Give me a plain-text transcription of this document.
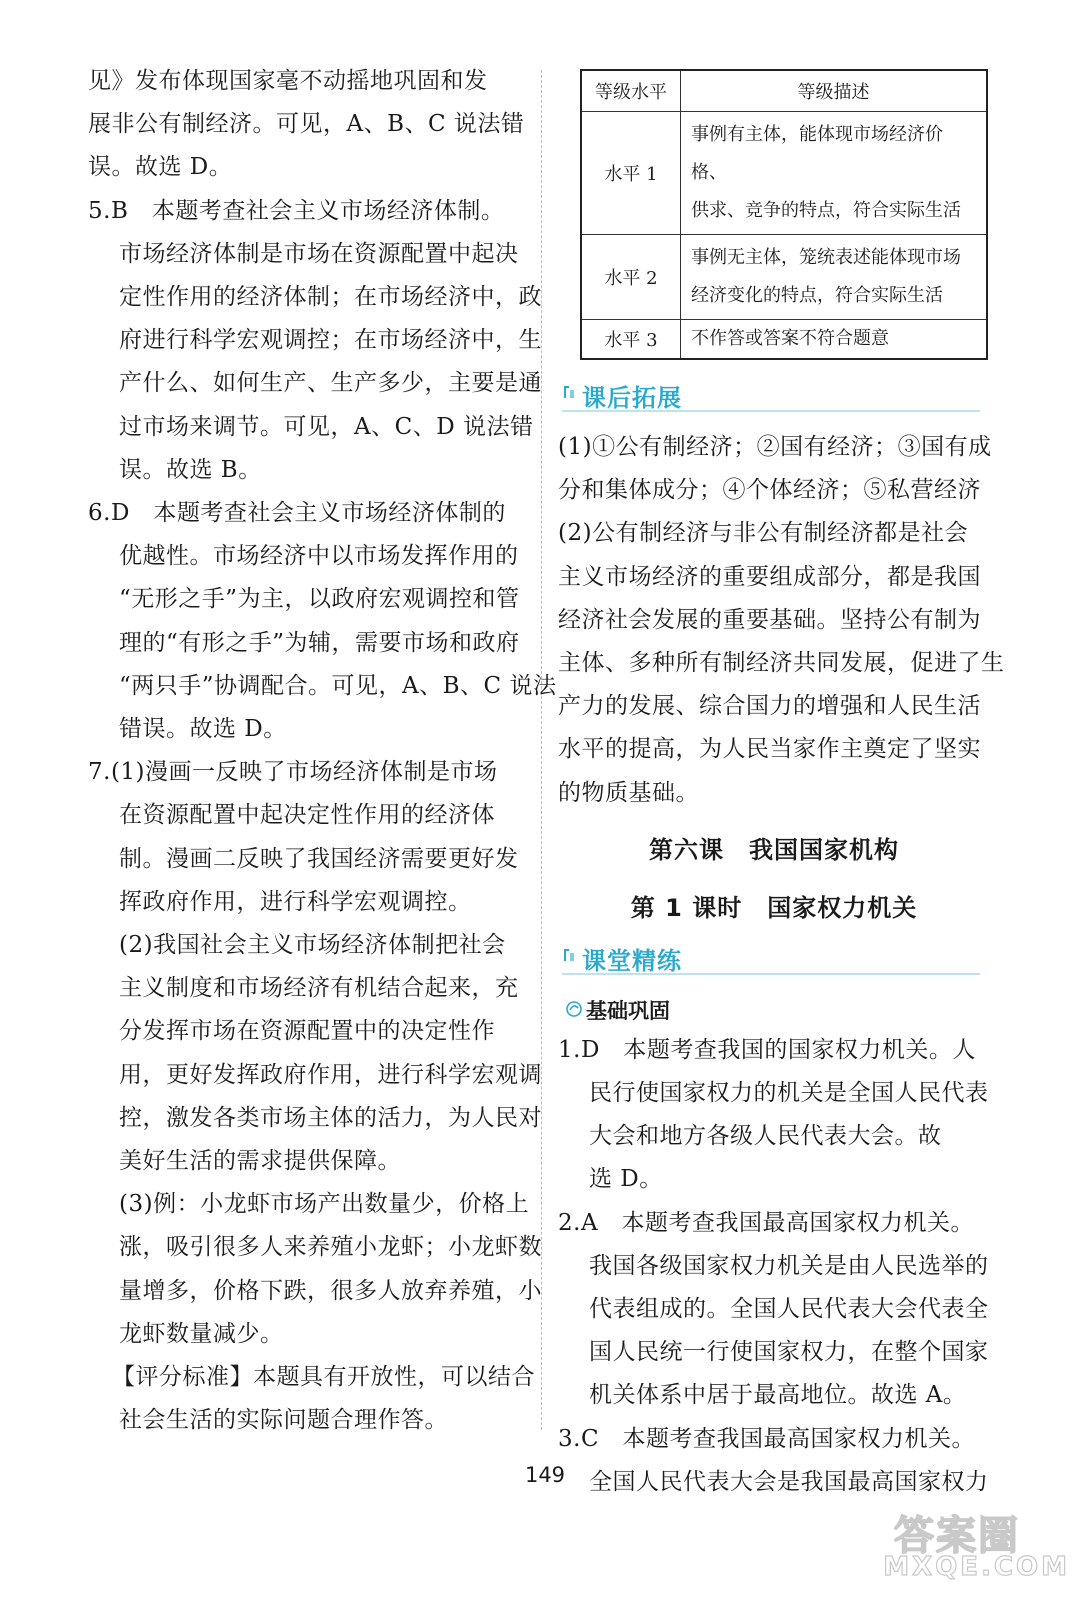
见》发布体现国家毫不动摇地巩固和发
展非公有制经济。可见，A、B、C 说法错
误。故选 D。
5.B　本题考查社会主义市场经济体制。
市场经济体制是市场在资源配置中起决
定性作用的经济体制；在市场经济中，政
府进行科学宏观调控；在市场经济中，生
产什么、如何生产、生产多少，主要是通
过市场来调节。可见，A、C、D 说法错
误。故选 B。
6.D　本题考查社会主义市场经济体制的
优越性。市场经济中以市场发挥作用的
“无形之手”为主，以政府宏观调控和管
理的“有形之手”为辅，需要市场和政府
“两只手”协调配合。可见，A、B、C 说法
错误。故选 D。
7.(1)漫画一反映了市场经济体制是市场
在资源配置中起决定性作用的经济体
制。漫画二反映了我国经济需要更好发
挥政府作用，进行科学宏观调控。
(2)我国社会主义市场经济体制把社会
主义制度和市场经济有机结合起来，充
分发挥市场在资源配置中的决定性作
用，更好发挥政府作用，进行科学宏观调
控，激发各类市场主体的活力，为人民对
美好生活的需求提供保障。
(3)例：小龙虾市场产出数量少，价格上
涨，吸引很多人来养殖小龙虾；小龙虾数
量增多，价格下跌，很多人放弃养殖，小
龙虾数量减少。
【评分标准】本题具有开放性，可以结合
社会生活的实际问题合理作答。
等级水平	等级描述
水平 1	事例有主体，能体现市场经济价格、
供求、竞争的特点，符合实际生活

水平 2	事例无主体，笼统表述能体现市场
经济变化的特点，符合实际生活

水平 3	不作答或答案不符合题意
课后拓展
(1)①公有制经济；②国有经济；③国有成
分和集体成分；④个体经济；⑤私营经济
(2)公有制经济与非公有制经济都是社会
主义市场经济的重要组成部分，都是我国
经济社会发展的重要基础。坚持公有制为
主体、多种所有制经济共同发展，促进了生
产力的发展、综合国力的增强和人民生活
水平的提高，为人民当家作主奠定了坚实
的物质基础。
第六课　我国国家机构
第 1 课时　国家权力机关
课堂精练
基础巩固
1.D　本题考查我国的国家权力机关。人
民行使国家权力的机关是全国人民代表
大会和地方各级人民代表大会。故
选 D。
2.A　本题考查我国最高国家权力机关。
我国各级国家权力机关是由人民选举的
代表组成的。全国人民代表大会代表全
国人民统一行使国家权力，在整个国家
机关体系中居于最高地位。故选 A。
3.C　本题考查我国最高国家权力机关。
全国人民代表大会是我国最高国家权力
149
答案圈
MXQE.COM
